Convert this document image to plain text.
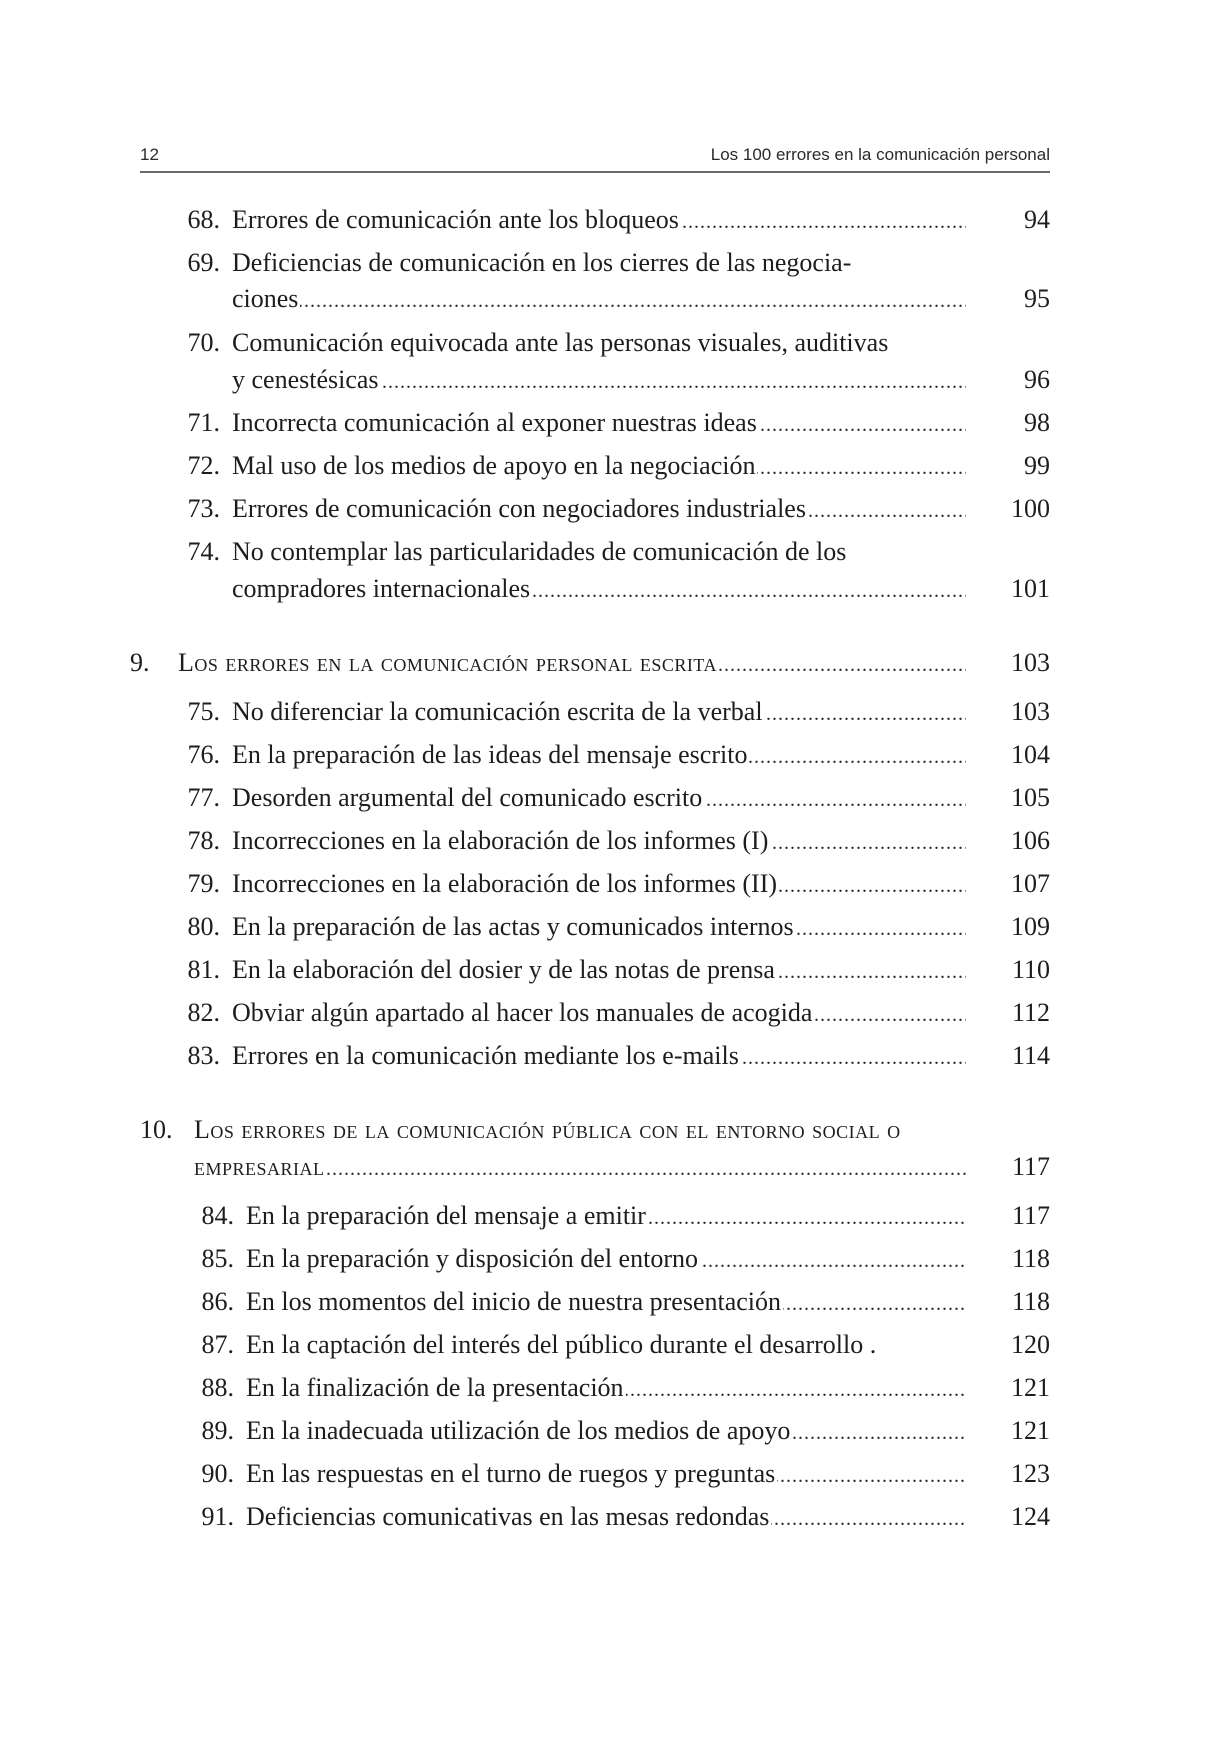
12	Los 100 errores en la comunicación personal
68. ..... Errores de comunicación ante los bloqueos	94
69. Deficiencias de comunicación en los cierres de las negocia-
.....
ciones	95
70. Comunicación equivocada ante las personas visuales, auditivas
.....
y cenestésicas	96
71. ..... Incorrecta comunicación al exponer nuestras ideas	98
72. ..... Mal uso de los medios de apoyo en la negociación	99
73. ..... Errores de comunicación con negociadores industriales	100
74. No contemplar las particularidades de comunicación de los
.....
compradores internacionales	101
9. .....	Los errores en la comunicación personal escrita	103
75. ..... No diferenciar la comunicación escrita de la verbal	103
76. ..... En la preparación de las ideas del mensaje escrito	104
77. ..... Desorden argumental del comunicado escrito	105
78. ..... Incorrecciones en la elaboración de los informes (I)	106
79. ..... Incorrecciones en la elaboración de los informes (II)	107
80. ..... En la preparación de las actas y comunicados internos	109
81. ..... En la elaboración del dosier y de las notas de prensa	110
82. ..... Obviar algún apartado al hacer los manuales de acogida	112
83. ..... Errores en la comunicación mediante los e-mails	114
10. Los errores de la comunicación pública con el entorno social o
.....
empresarial	117
84. ..... En la preparación del mensaje a emitir	117
85. ..... En la preparación y disposición del entorno	118
86. ..... En los momentos del inicio de nuestra presentación	118
87. En la captación del interés del público durante el desarrollo .	120
88. ..... En la finalización de la presentación	121
89. ..... En la inadecuada utilización de los medios de apoyo	121
90. ..... En las respuestas en el turno de ruegos y preguntas	123
91. ..... Deficiencias comunicativas en las mesas redondas	124
